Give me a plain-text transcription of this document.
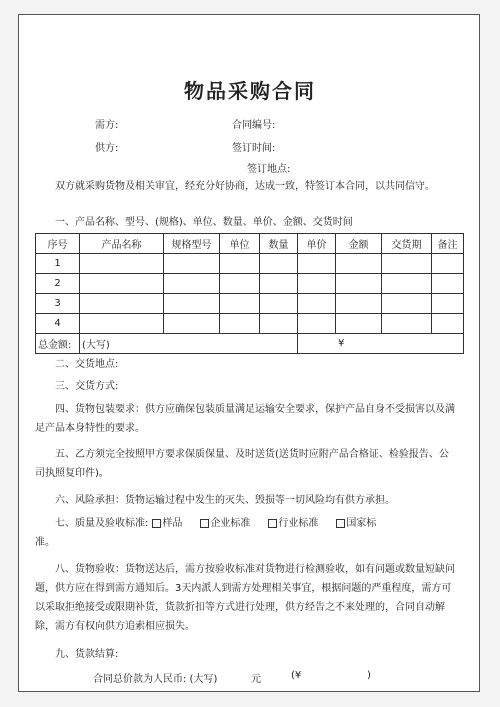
物品采购合同
需方:	合同编号:
供方:	签订时间:
签订地点:

双方就采购货物及相关审宜，经充分好协商，达成一致，特签订本合同，以共同信守。

一、产品名称、型号、(规格)、单位、数量、单价、金额、交货时间

序号	产品名称	规格型号	单位	数量	单价	金额	交货期	备注
1								
2								
3								
4								
总金额:	(大写)				¥			

二、交货地点:

三、交货方式:

四、货物包装要求：供方应确保包装质量满足运输安全要求，保护产品自身不受损害以及满足产品本身特性的要求。

五、乙方须完全按照甲方要求保质保量、及时送货(送货时应附产品合格证、检验报告、公司执照复印件)。

六、风险承担：货物运输过程中发生的灭失、毁损等一切风险均有供方承担。

七、质量及验收标准: 样品	企业标准	行业标准	国家标

准。

八、货物验收：货物送达后，需方按验收标准对货物进行检测验收，如有问题或数量短缺问题，供方应在得到需方通知后。3天内派人到需方处理相关事宜，根据问题的严重程度，需方可以采取拒绝接受或限期补货，货款折扣等方式进行处理，供方经告之不来处理的，合同自动解除，需方有权向供方追索相应损失。

九、货款结算:

合同总价款为人民币: (大写)	元	(¥	)
